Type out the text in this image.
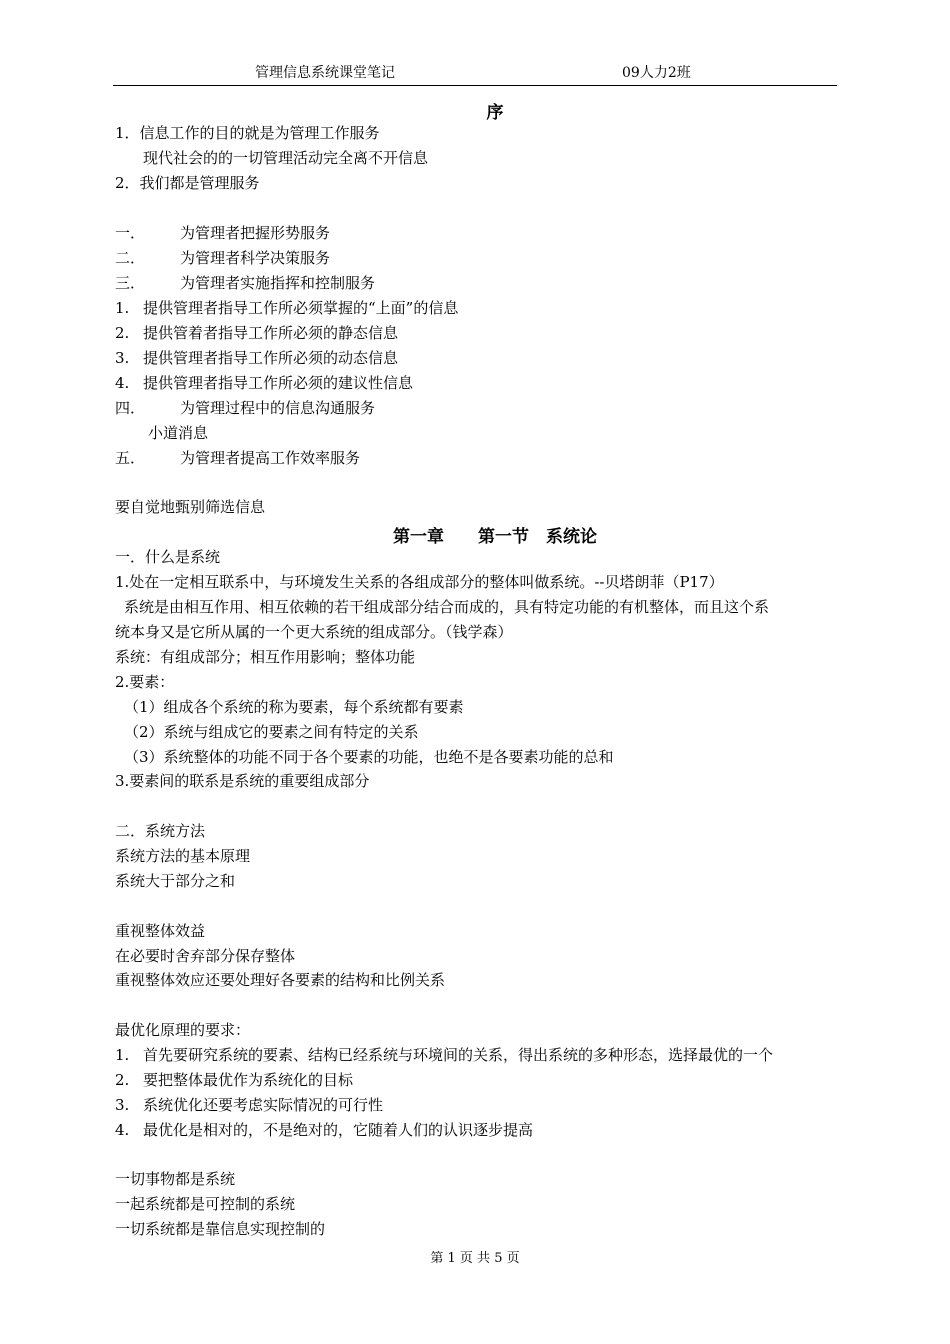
管理信息系统课堂笔记	09人力2班
序
1．信息工作的目的就是为管理工作服务
现代社会的的一切管理活动完全离不开信息
2．我们都是管理服务
一． 为管理者把握形势服务
二． 为管理者科学决策服务
三． 为管理者实施指挥和控制服务
1. 提供管理者指导工作所必须掌握的“上面”的信息
2. 提供管着者指导工作所必须的静态信息
3. 提供管理者指导工作所必须的动态信息
4. 提供管理者指导工作所必须的建议性信息
四． 为管理过程中的信息沟通服务
小道消息
五． 为管理者提高工作效率服务
要自觉地甄别筛选信息
第一章　　第一节　系统论
一．什么是系统
1.处在一定相互联系中，与环境发生关系的各组成部分的整体叫做系统。--贝塔朗菲（P17）
系统是由相互作用、相互依赖的若干组成部分结合而成的，具有特定功能的有机整体，而且这个系
统本身又是它所从属的一个更大系统的组成部分。（钱学森）
系统：有组成部分；相互作用影响；整体功能
2.要素：
（1）组成各个系统的称为要素，每个系统都有要素
（2）系统与组成它的要素之间有特定的关系
（3）系统整体的功能不同于各个要素的功能，也绝不是各要素功能的总和
3.要素间的联系是系统的重要组成部分
二．系统方法
系统方法的基本原理
系统大于部分之和
重视整体效益
在必要时舍弃部分保存整体
重视整体效应还要处理好各要素的结构和比例关系
最优化原理的要求：
1. 首先要研究系统的要素、结构已经系统与环境间的关系，得出系统的多种形态，选择最优的一个
2. 要把整体最优作为系统化的目标
3. 系统优化还要考虑实际情况的可行性
4. 最优化是相对的，不是绝对的，它随着人们的认识逐步提高
一切事物都是系统
一起系统都是可控制的系统
一切系统都是靠信息实现控制的
第 1 页 共 5 页
